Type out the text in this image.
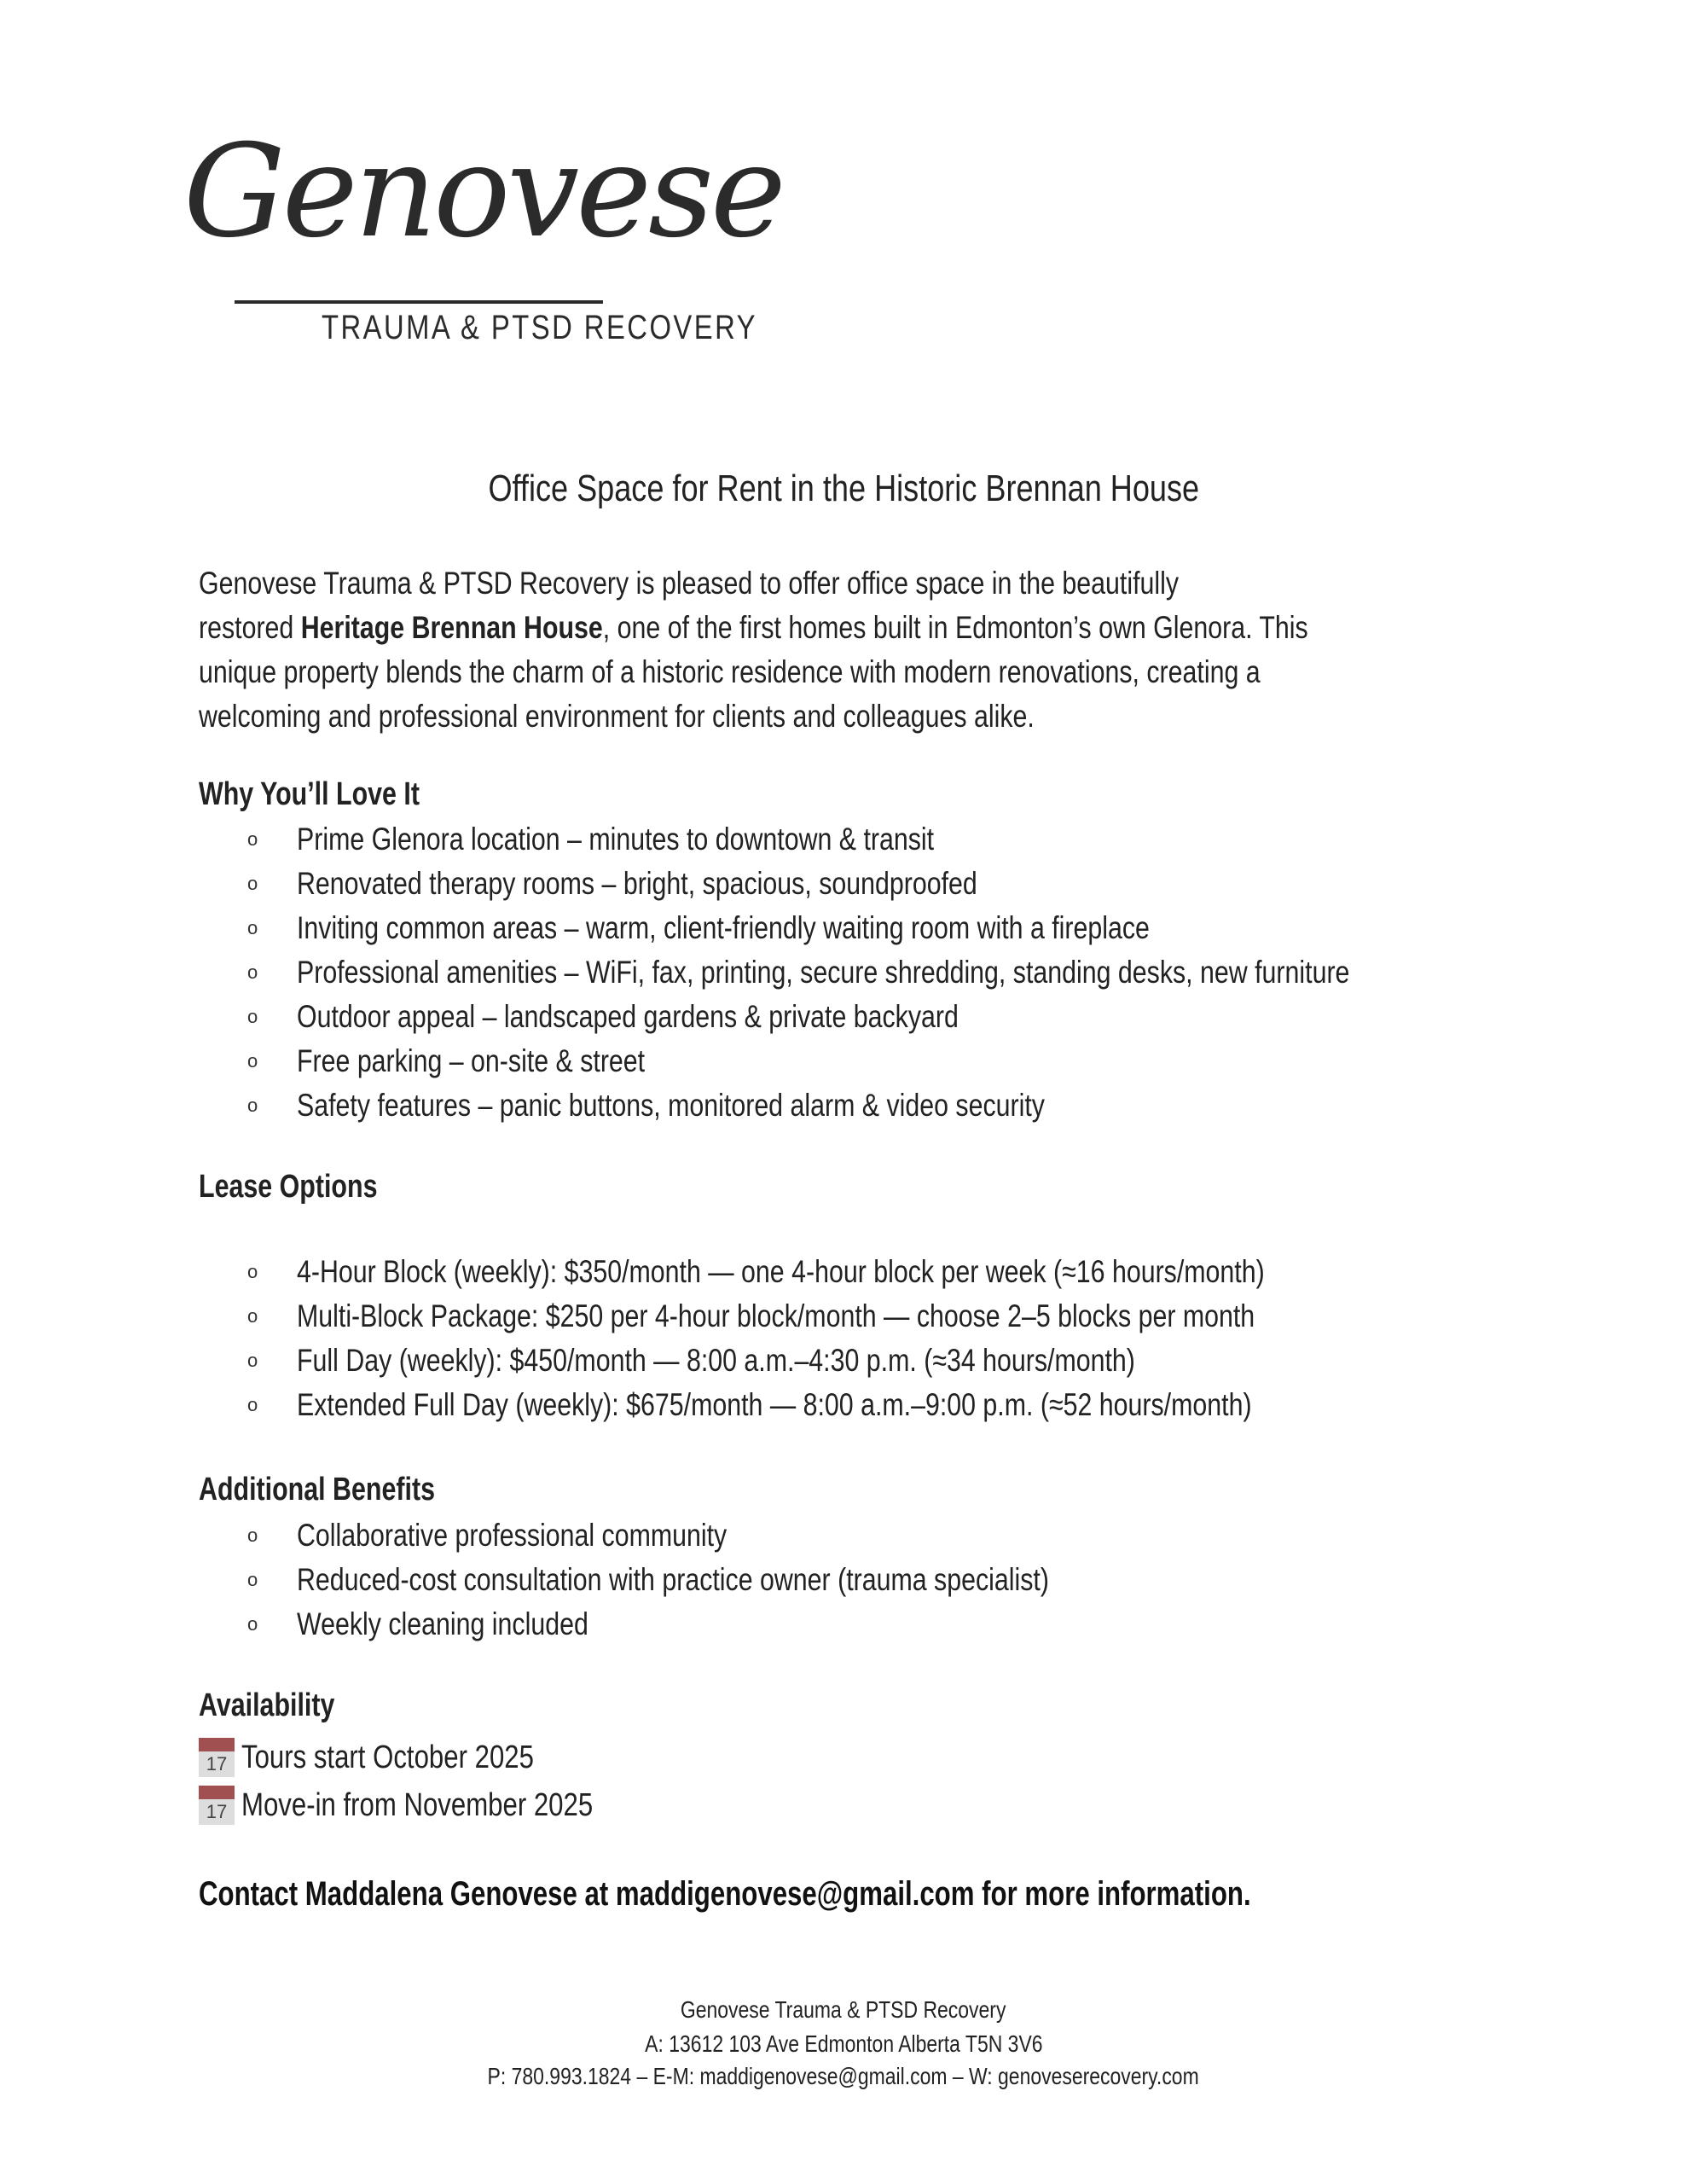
Genovese
TRAUMA & PTSD RECOVERY
Office Space for Rent in the Historic Brennan House
Genovese Trauma & PTSD Recovery is pleased to offer office space in the beautifully
restored Heritage Brennan House, one of the first homes built in Edmonton’s own Glenora. This
unique property blends the charm of a historic residence with modern renovations, creating a
welcoming and professional environment for clients and colleagues alike.
Why You’ll Love It
o Prime Glenora location – minutes to downtown & transit
o Renovated therapy rooms – bright, spacious, soundproofed
o Inviting common areas – warm, client-friendly waiting room with a fireplace
o Professional amenities – WiFi, fax, printing, secure shredding, standing desks, new furniture
o Outdoor appeal – landscaped gardens & private backyard
o Free parking – on-site & street
o Safety features – panic buttons, monitored alarm & video security
Lease Options
o 4-Hour Block (weekly): $350/month — one 4-hour block per week (≈16 hours/month)
o Multi-Block Package: $250 per 4-hour block/month — choose 2–5 blocks per month
o Full Day (weekly): $450/month — 8:00 a.m.–4:30 p.m. (≈34 hours/month)
o Extended Full Day (weekly): $675/month — 8:00 a.m.–9:00 p.m. (≈52 hours/month)
Additional Benefits
o Collaborative professional community
o Reduced-cost consultation with practice owner (trauma specialist)
o Weekly cleaning included
Availability
17 Tours start October 2025
17 Move-in from November 2025
Contact Maddalena Genovese at maddigenovese@gmail.com for more information.
Genovese Trauma & PTSD Recovery
A: 13612 103 Ave Edmonton Alberta T5N 3V6
P: 780.993.1824 – E-M: maddigenovese@gmail.com – W: genoveserecovery.com
